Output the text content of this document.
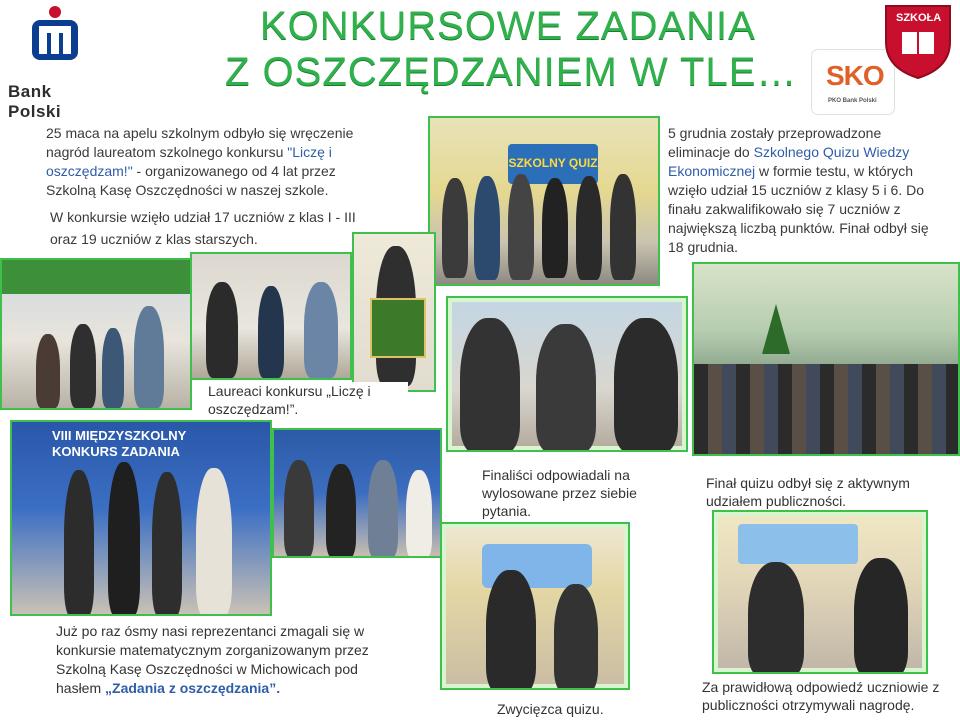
Bank Polski
KONKURSOWE ZADANIA
Z OSZCZĘDZANIEM W TLE… SKO
PKO Bank Polski
SZKOŁA
25 maca na apelu szkolnym odbyło się wręczenie nagród laureatom szkolnego konkursu "Liczę i oszczędzam!" - organizowanego od 4 lat przez Szkolną Kasę Oszczędności w naszej szkole.
W konkursie wzięło udział 17 uczniów z klas I - III oraz 19 uczniów z klas starszych.
5 grudnia zostały przeprowadzone eliminacje do Szkolnego Quizu Wiedzy Ekonomicznej w formie testu, w których wzięło udział 15 uczniów z klasy 5 i 6. Do finału zakwalifikowało się 7 uczniów z największą liczbą punktów. Finał odbył się 18 grudnia.
SZKOLNY QUIZ
VIII MIĘDZYSZKOLNY KONKURS ZADANIA
Laureaci konkursu „Liczę i oszczędzam!”.
Finaliści odpowiadali na wylosowane przez siebie pytania.
Finał quizu odbył się z aktywnym udziałem publiczności.
Zwycięzca quizu.
Za prawidłową odpowiedź uczniowie z publiczności otrzymywali nagrodę.
Już po raz ósmy nasi reprezentanci zmagali się w konkursie matematycznym zorganizowanym przez Szkolną Kasę Oszczędności w Michowicach pod hasłem „Zadania z oszczędzania”.
